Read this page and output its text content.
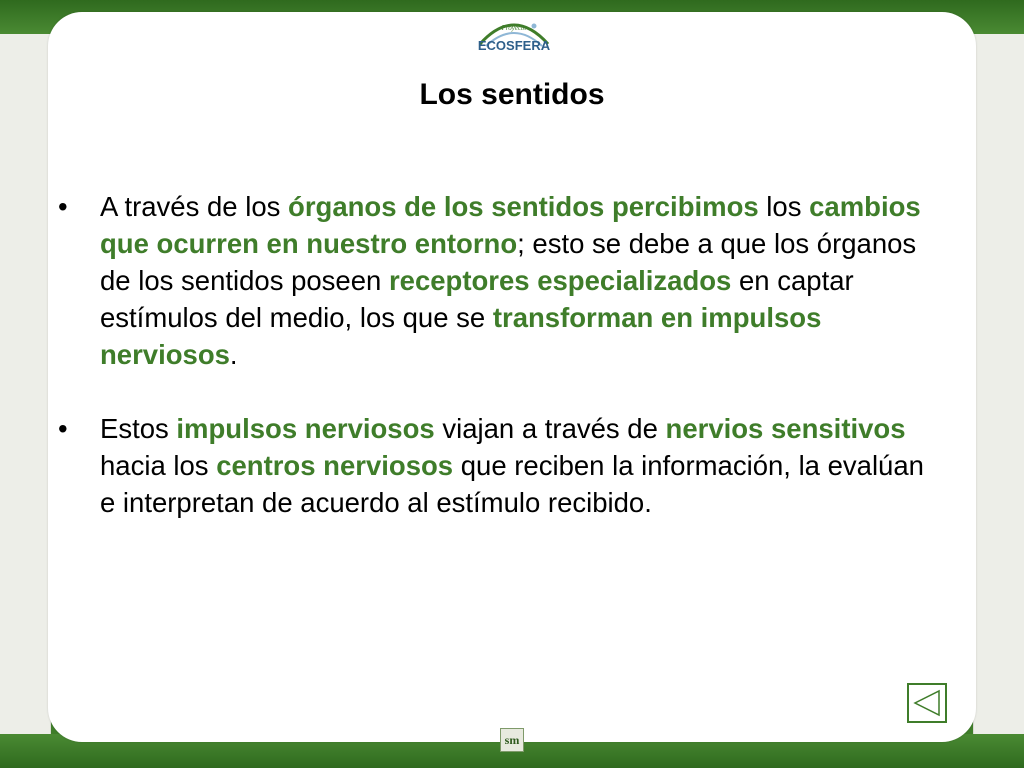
Proyecto
ECOSFERA
Los sentidos
• A través de los órganos de los sentidos percibimos los cambios que ocurren en nuestro entorno; esto se debe a que los órganos de los sentidos poseen receptores especializados en captar estímulos del medio, los que se transforman en impulsos nerviosos.
• Estos impulsos nerviosos viajan a través de nervios sensitivos hacia los centros nerviosos que reciben la información, la evalúan e interpretan de acuerdo al estímulo recibido.
sm
